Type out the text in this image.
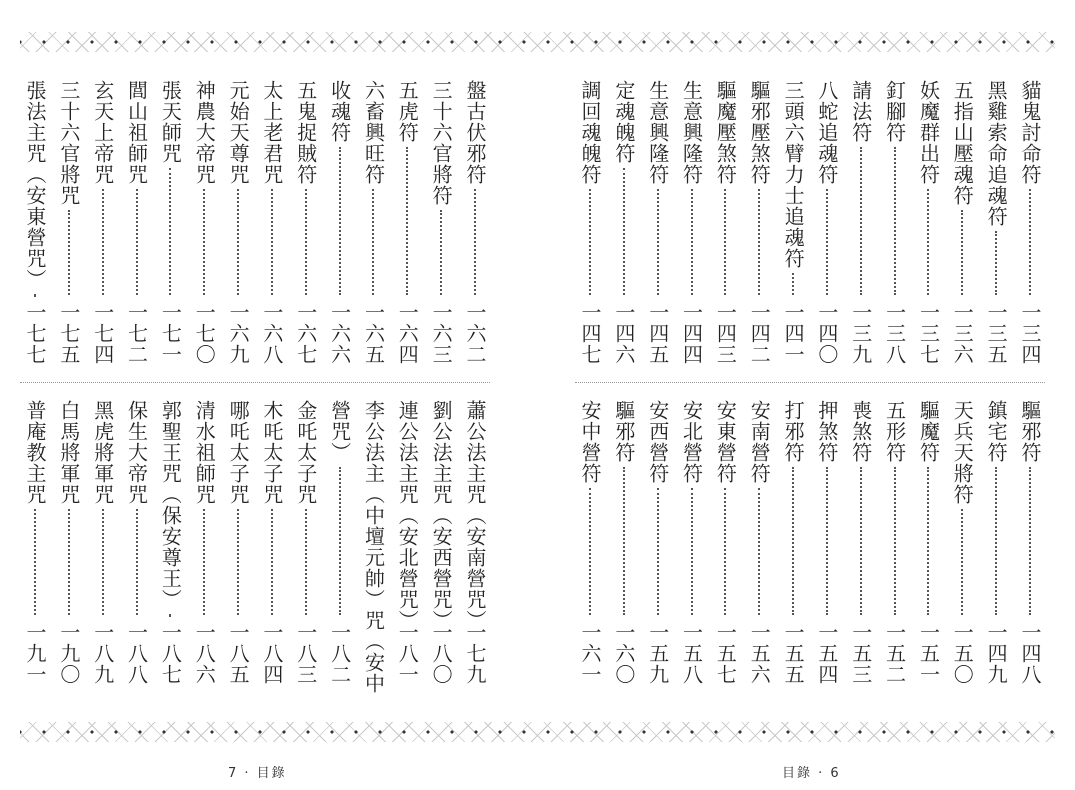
盤古伏邪符
一六二
三十六官將符
一六三
五虎符
一六四
六畜興旺符
一六五
收魂符
一六六
五鬼捉賊符
一六七
太上老君咒
一六八
元始天尊咒
一六九
神農大帝咒
一七〇
張天師咒
一七一
閭山祖師咒
一七二
玄天上帝咒
一七四
三十六官將咒
一七五
張法主咒（安東營咒）
一七七
蕭公法主咒（安南營咒）
一七九
劉公法主咒（安西營咒）
一八〇
連公法主咒（安北營咒）
一八一
李公法主（中壇元帥）咒（安中
營咒）
一八二
金吒太子咒
一八三
木吒太子咒
一八四
哪吒太子咒
一八五
清水祖師咒
一八六
郭聖王咒（保安尊王）
一八七
保生大帝咒
一八八
黑虎將軍咒
一八九
白馬將軍咒
一九〇
普庵教主咒
一九一
貓鬼討命符
一三四
黑雞索命追魂符
一三五
五指山壓魂符
一三六
妖魔群出符
一三七
釘腳符
一三八
請法符
一三九
八蛇追魂符
一四〇
三頭六臂力士追魂符
一四一
驅邪壓煞符
一四二
驅魔壓煞符
一四三
生意興隆符
一四四
生意興隆符
一四五
定魂魄符
一四六
調回魂魄符
一四七
驅邪符
一四八
鎮宅符
一四九
天兵天將符
一五〇
驅魔符
一五一
五形符
一五二
喪煞符
一五三
押煞符
一五四
打邪符
一五五
安南營符
一五六
安東營符
一五七
安北營符
一五八
安西營符
一五九
驅邪符
一六〇
安中營符
一六一
7 · 目錄	目錄 · 6
